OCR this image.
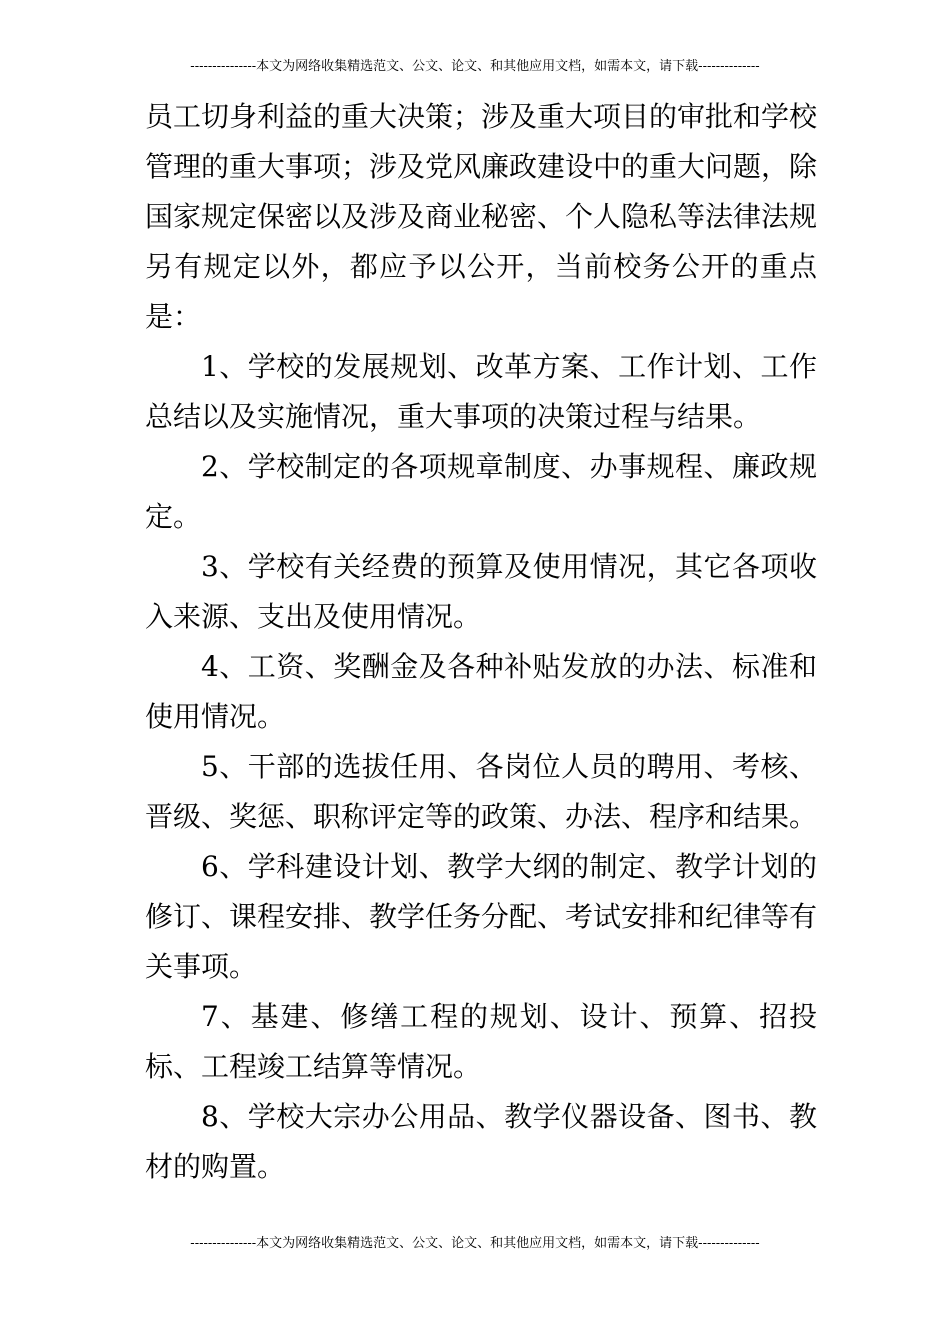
---------------本文为网络收集精选范文、公文、论文、和其他应用文档，如需本文，请下载--------------

员工切身利益的重大决策；涉及重大项目的审批和学校管理的重大事项；涉及党风廉政建设中的重大问题，除国家规定保密以及涉及商业秘密、个人隐私等法律法规另有规定以外，都应予以公开，当前校务公开的重点是：

1、学校的发展规划、改革方案、工作计划、工作总结以及实施情况，重大事项的决策过程与结果。

2、学校制定的各项规章制度、办事规程、廉政规定。

3、学校有关经费的预算及使用情况，其它各项收入来源、支出及使用情况。

4、工资、奖酬金及各种补贴发放的办法、标准和使用情况。

5、干部的选拔任用、各岗位人员的聘用、考核、晋级、奖惩、职称评定等的政策、办法、程序和结果。

6、学科建设计划、教学大纲的制定、教学计划的修订、课程安排、教学任务分配、考试安排和纪律等有关事项。

7、基建、修缮工程的规划、设计、预算、招投标、工程竣工结算等情况。

8、学校大宗办公用品、教学仪器设备、图书、教材的购置。

---------------本文为网络收集精选范文、公文、论文、和其他应用文档，如需本文，请下载--------------
